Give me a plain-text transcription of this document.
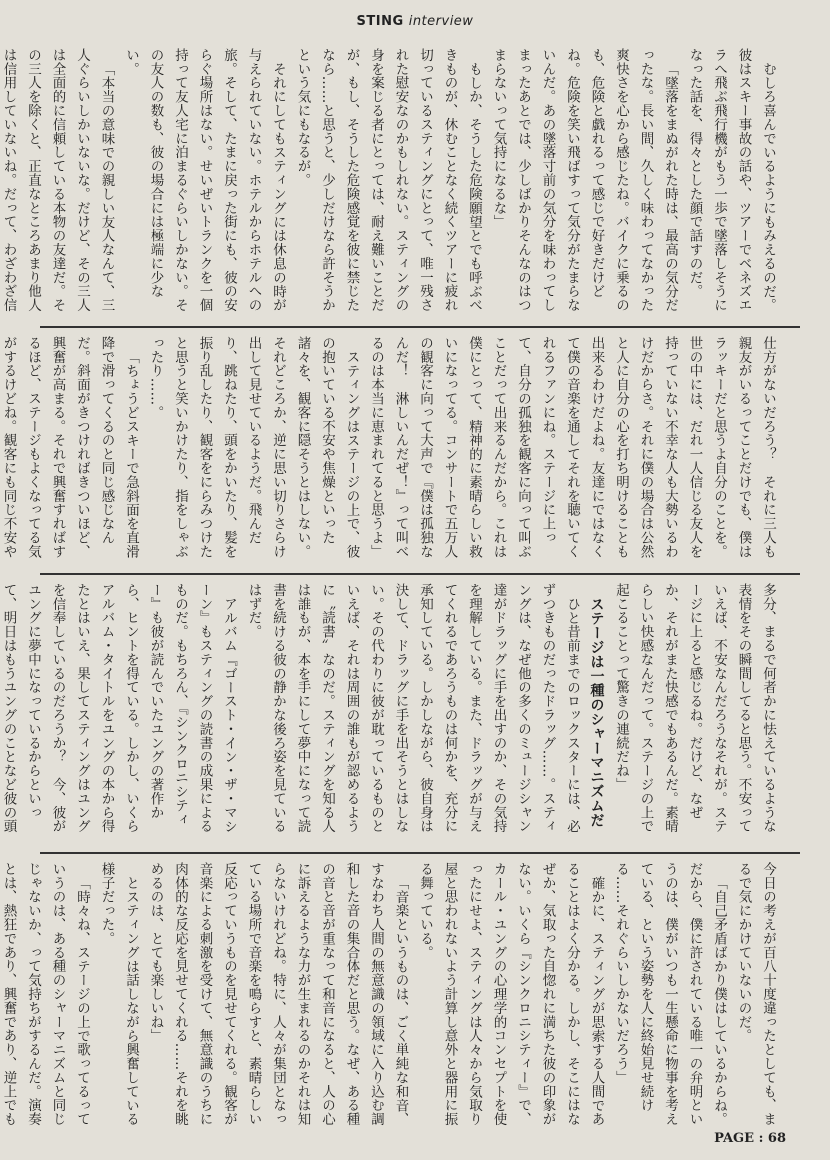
STING interview

むしろ喜んでいるようにもみえるのだ。彼はスキー事故の話や、ツアーでベネズエラへ飛ぶ飛行機がもう一歩で墜落しそうになった話を、得々とした顔で話すのだ。

「墜落をまぬがれた時は、最高の気分だったな。長い間、久しく味わってなかった爽快さを心から感じたね。バイクに乗るのも、危険と戯れるって感じで好きだけどね。危険を笑い飛ばすって気分がたまらないんだ。あの墜落寸前の気分を味わってしまったあとでは、少しばかりそんなのはつまらないって気持になるな」

もしか、そうした危険願望とでも呼ぶべきものが、休むことなく続くツアーに疲れ切っているスティングにとって、唯一残された慰安なのかもしれない。スティングの身を案じる者にとっては、耐え難いことだが、もし、そうした危険感覚を彼に禁じたなら……と思うと、少しだけなら許そうかという気にもなるが。

それにしてもスティングには休息の時が与えられていない。ホテルからホテルへの旅。そして、たまに戻った街にも、彼の安らぐ場所はない。せいぜいトランクを一個持って友人宅に泊まるぐらいしかない。その友人の数も、彼の場合には極端に少ない。

「本当の意味での親しい友人なんて、三人ぐらいしかいないな。だけど、その三人は全面的に信頼している本物の友達だ。その三人を除くと、正直なところあまり他人は信用していないね。だって、わざわざ信

仕方がないだろう？　それに三人も親友がいるってことだけでも、僕はラッキーだと思うよ自分のことを。世の中には、だれ一人信じる友人を持っていない不幸な人も大勢いるわけだからさ。それに僕の場合は公然と人に自分の心を打ち明けることも出来るわけだよね。友達にではなくて僕の音楽を通してそれを聴いてくれるファンにね。ステージに上って、自分の孤独を観客に向って叫ぶことだって出来るんだから。これは僕にとって、精神的に素晴らしい救いになってる。コンサートで五万人の観客に向って大声で『僕は孤独なんだ！　淋しいんだぜ！』って叫べるのは本当に恵まれてると思うよ」

スティングはステージの上で、彼の抱いている不安や焦燥といった諸々を、観客に隠そうとはしない。それどころか、逆に思い切りさらけ出して見せているようだ。飛んだり、跳ねたり、頭をかいたり、髪を振り乱したり、観客をにらみつけたと思うと笑いかけたり、指をしゃぶったり……。

「ちょうどスキーで急斜面を直滑降で滑ってくるのと同じ感じなんだ。斜面がきつければきついほど、興奮が高まる。それで興奮すればするほど、ステージもよくなってる気がするけどね。観客にも同じ不安や

多分、まるで何者かに怯えているような表情をその瞬間してると思う。不安っていえば、不安なんだろうなそれが。ステージに上ると感じるね。だけど、なぜか、それがまた快感でもあるんだ。素晴らしい快感なんだって。ステージの上で起こることって驚きの連続だね」

ステージは一種のシャーマニズムだ

ひと昔前までのロックスターには、必ずつきものだったドラッグ……。スティングは、なぜ他の多くのミュージシャン達がドラッグに手を出すのか、その気持を理解している。また、ドラッグが与えてくれるであろうものは何かを、充分に承知している。しかしながら、彼自身は決して、ドラッグに手を出そうとはしない。その代わりに彼が耽っているものといえば、それは周囲の誰もが認めるように〝読書〟なのだ。スティングを知る人は誰もが、本を手にして夢中になって読書を続ける彼の静かな後ろ姿を見ているはずだ。

アルバム『ゴースト・イン・ザ・マシーン』もスティングの読書の成果によるものだ。もちろん、『シンクロニシティー』も彼が読んでいたユングの著作から、ヒントを得ている。しかし、いくらアルバム・タイトルをユングの本から得たとはいえ、果してスティングはユングを信奉しているのだろうか？　今、彼がユングに夢中になっているからといって、明日はもうユングのことなど彼の頭

今日の考えが百八十度違ったとしても、まるで気にかけていないのだ。

「自己矛盾ばかり僕はしているからね。だから、僕に許されている唯一の弁明というのは、僕がいつも一生懸命に物事を考えている、という姿勢を人に終始見せ続ける……それぐらいしかないだろう」

確かに、スティングが思索する人間であることはよく分かる。しかし、そこにはなぜか、気取った自惚れに満ちた彼の印象がない。いくら『シンクロニシティー』で、カール・ユングの心理学的コンセプトを使ったにせよ、スティングは人々から気取り屋と思われないよう計算し意外と器用に振る舞っている。

「音楽というものは、ごく単純な和音、すなわち人間の無意識の領域に入り込む調和した音の集合体だと思う。なぜ、ある種の音と音が重なって和音になると、人の心に訴えるような力が生まれるのかそれは知らないけれどね。特に、人々が集団となっている場所で音楽を鳴らすと、素晴らしい反応っていうものを見せてくれる。観客が音楽による刺激を受けて、無意識のうちに肉体的な反応を見せてくれる……それを眺めるのは、とても楽しいね」

とスティングは話しながら興奮している様子だった。

「時々ね、ステージの上で歌ってるっていうのは、ある種のシャーマニズムと同じじゃないか、って気持ちがするんだ。演奏とは、熱狂であり、興奮であり、逆上でも

PAGE : 68
